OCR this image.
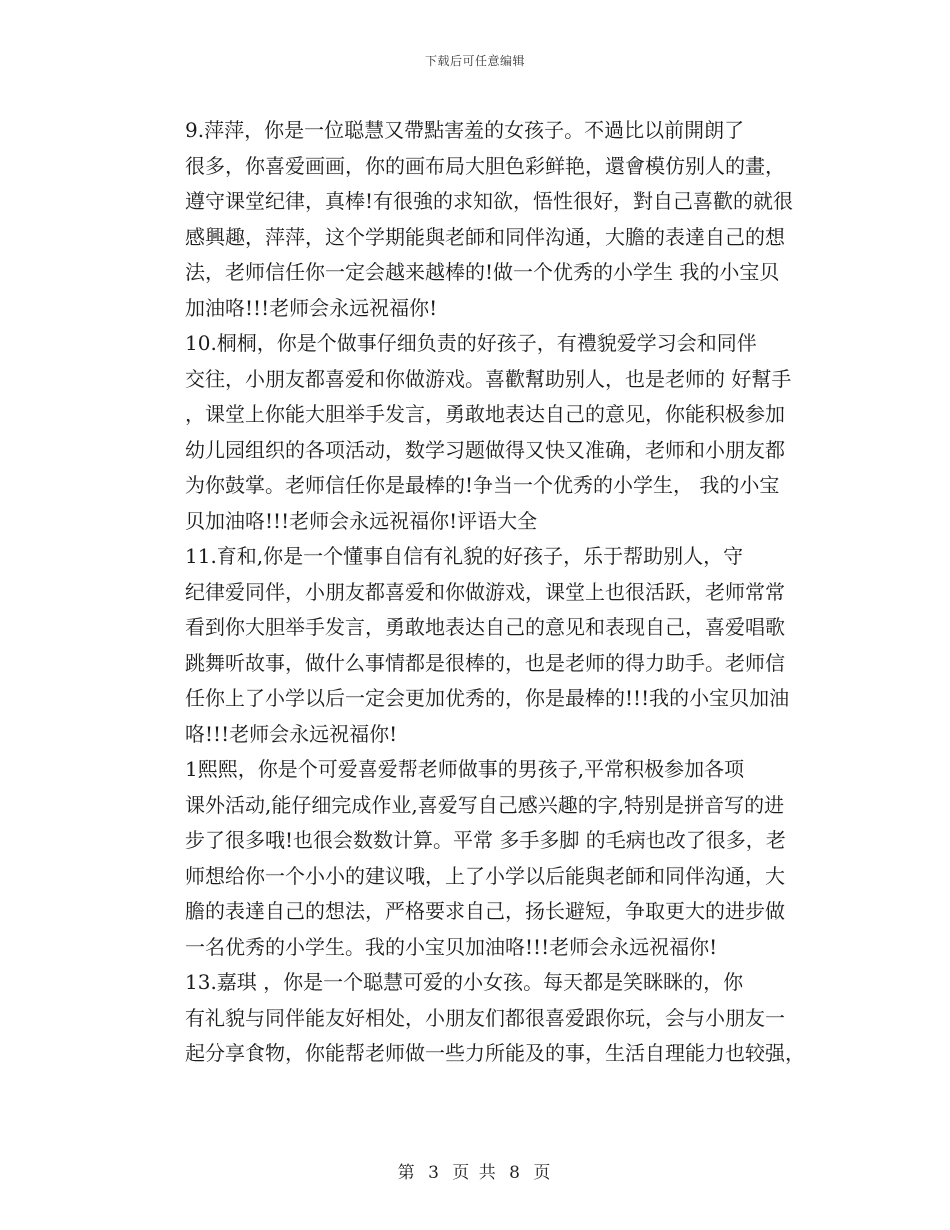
下载后可任意编辑

9.萍萍，你是一位聪慧又帶點害羞的女孩子。不過比以前開朗了
很多，你喜爱画画，你的画布局大胆色彩鲜艳，還會模仿别人的畫，
遵守课堂纪律，真棒!有很強的求知欲，悟性很好，對自己喜歡的就很
感興趣，萍萍，这个学期能與老師和同伴沟通，大膽的表達自己的想
法，老师信任你一定会越来越棒的!做一个优秀的小学生 我的小宝贝
加油咯!!!老师会永远祝福你!

10.桐桐，你是个做事仔细负责的好孩子，有禮貌爱学习会和同伴
交往，小朋友都喜爱和你做游戏。喜歡幫助别人，也是老师的 好幫手
，课堂上你能大胆举手发言，勇敢地表达自己的意见，你能积极参加
幼儿园组织的各项活动，数学习题做得又快又准确，老师和小朋友都
为你鼓掌。老师信任你是最棒的!争当一个优秀的小学生， 我的小宝
贝加油咯!!!老师会永远祝福你!评语大全

11.育和,你是一个懂事自信有礼貌的好孩子，乐于帮助别人，守
纪律爱同伴，小朋友都喜爱和你做游戏，课堂上也很活跃，老师常常
看到你大胆举手发言，勇敢地表达自己的意见和表现自己，喜爱唱歌
跳舞听故事，做什么事情都是很棒的，也是老师的得力助手。老师信
任你上了小学以后一定会更加优秀的，你是最棒的!!!我的小宝贝加油
咯!!!老师会永远祝福你!

1熙熙，你是个可爱喜爱帮老师做事的男孩子,平常积极参加各项
课外活动,能仔细完成作业,喜爱写自己感兴趣的字,特别是拼音写的进
步了很多哦!也很会数数计算。平常 多手多脚 的毛病也改了很多，老
师想给你一个小小的建议哦，上了小学以后能與老師和同伴沟通，大
膽的表達自己的想法，严格要求自己，扬长避短，争取更大的进步做
一名优秀的小学生。我的小宝贝加油咯!!!老师会永远祝福你!

13.嘉琪 ，你是一个聪慧可爱的小女孩。每天都是笑眯眯的，你
有礼貌与同伴能友好相处，小朋友们都很喜爱跟你玩，会与小朋友一
起分享食物，你能帮老师做一些力所能及的事，生活自理能力也较强，

第 3 页 共 8 页
